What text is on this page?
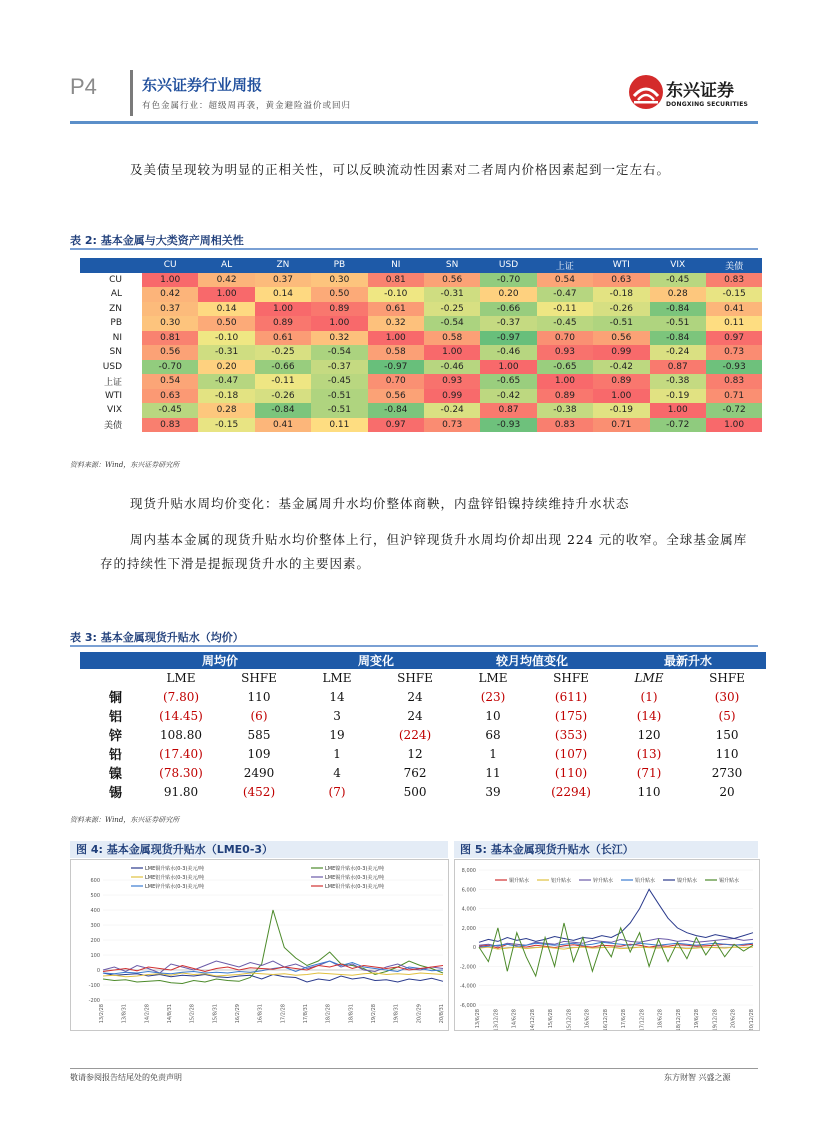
P4	东兴证券行业周报
有色金属行业：超级周再袭，黄金避险溢价或回归
东兴证券
DONGXING SECURITIES
及美债呈现较为明显的正相关性，可以反映流动性因素对二者周内价格因素起到一定左右。
表 2: 基本金属与大类资产周相关性
	CU	AL	ZN	PB	NI	SN	USD	上证	WTI	VIX	美债
CU	1.00	0.42	0.37	0.30	0.81	0.56	-0.70	0.54	0.63	-0.45	0.83
AL	0.42	1.00	0.14	0.50	-0.10	-0.31	0.20	-0.47	-0.18	0.28	-0.15
ZN	0.37	0.14	1.00	0.89	0.61	-0.25	-0.66	-0.11	-0.26	-0.84	0.41
PB	0.30	0.50	0.89	1.00	0.32	-0.54	-0.37	-0.45	-0.51	-0.51	0.11
NI	0.81	-0.10	0.61	0.32	1.00	0.58	-0.97	0.70	0.56	-0.84	0.97
SN	0.56	-0.31	-0.25	-0.54	0.58	1.00	-0.46	0.93	0.99	-0.24	0.73
USD	-0.70	0.20	-0.66	-0.37	-0.97	-0.46	1.00	-0.65	-0.42	0.87	-0.93
上证	0.54	-0.47	-0.11	-0.45	0.70	0.93	-0.65	1.00	0.89	-0.38	0.83
WTI	0.63	-0.18	-0.26	-0.51	0.56	0.99	-0.42	0.89	1.00	-0.19	0.71
VIX	-0.45	0.28	-0.84	-0.51	-0.84	-0.24	0.87	-0.38	-0.19	1.00	-0.72
美债	0.83	-0.15	0.41	0.11	0.97	0.73	-0.93	0.83	0.71	-0.72	1.00
资料来源：Wind，东兴证券研究所
现货升贴水周均价变化：基金属周升水均价整体商鞅，内盘锌铅镍持续维持升水状态
周内基本金属的现货升贴水均价整体上行，但沪锌现货升水周均价却出现 224 元的收窄。全球基金属库存的持续性下滑是提振现货升水的主要因素。
表 3: 基本金属现货升贴水（均价）
	周均价		周变化		较月均值变化		最新升水	
	LME	SHFE	LME	SHFE	LME	SHFE	LME	SHFE
铜	(7.80)	110	14	24	(23)	(611)	(1)	(30)
铝	(14.45)	(6)	3	24	10	(175)	(14)	(5)
锌	108.80	585	19	(224)	68	(353)	120	150
铅	(17.40)	109	1	12	1	(107)	(13)	110
镍	(78.30)	2490	4	762	11	(110)	(71)	2730
锡	91.80	(452)	(7)	500	39	(2294)	110	20
资料来源：Wind，东兴证券研究所
图 4: 基本金属现货升贴水（LME0-3）
600
500
400
300
200
100
0
-100
-200
13/2/28	13/8/31	14/2/28	14/8/31	15/2/28	15/8/31	16/2/29	16/8/31	17/2/28	17/8/31	18/2/28	18/8/31	19/2/28	19/8/31	20/2/29	20/8/31
LME铜升贴水(0-3)美元/吨	LME镍升贴水(0-3)美元/吨
LME铝升贴水(0-3)美元/吨	LME锡升贴水(0-3)美元/吨
LME锌升贴水(0-3)美元/吨	LME铅升贴水(0-3)美元/吨
图 5: 基本金属现货升贴水（长江）
8,000
6,000
4,000
2,000
0
-2,000
-4,000
-6,000
13/6/28 13/12/28 14/6/28 14/12/28 15/6/28 15/12/28 16/6/28 16/12/28 17/6/28 17/12/28 18/6/28 18/12/28 19/6/28 19/12/28 20/6/28 20/12/28
铜升贴水	铝升贴水	锌升贴水	铅升贴水	镍升贴水	锡升贴水
敬请参阅报告结尾处的免责声明	东方财智 兴盛之源
